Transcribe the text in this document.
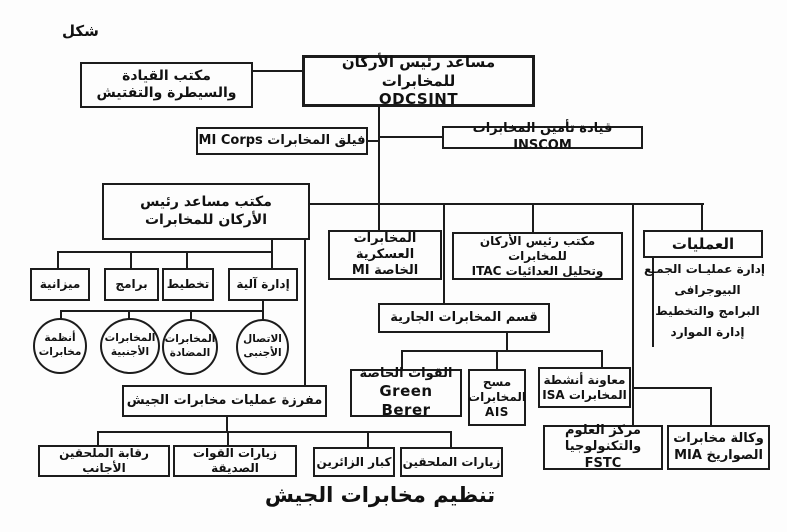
شكل
تنظيم مخابرات الجيش
مساعد رئيس الأركان للمخابرات
ODCSINT
مكتب القيادة
والسيطرة والتفتيش
فيلق المخابرات MI Corps
قيادة تأمين المخابرات INSCOM
مكتب مساعد رئيس
الأركان للمخابرات
ميزانية	برامج تخطيط إدارة آلية
أنظمة
مخابرات
المخابرات
الأجنبية
المخابرات
المضادة
الاتصال
الأجنبى
المخابرات العسكرية
الخاصة MI
مكتب رئيس الأركان للمخابرات
وتحليل العدائيات ITAC
العمليات
إدارة عمليـات الجمـع
البيوجرافى
البرامج والتخطيط
إدارة الموارد
قسم المخابرات الجارية
القوات الخاصة
Green Berer
مسح
المخابرات
AIS
معاونة أنشطة
المخابرات ISA
مركز العلوم
والتكنولوجيا FSTC
وكالة مخابرات
الصواريخ MIA
مفرزة عمليات مخابرات الجيش
رقابة الملحقين الأجانب
زيارات القوات الصديقة	كبار الزائرين زيارات الملحقين
